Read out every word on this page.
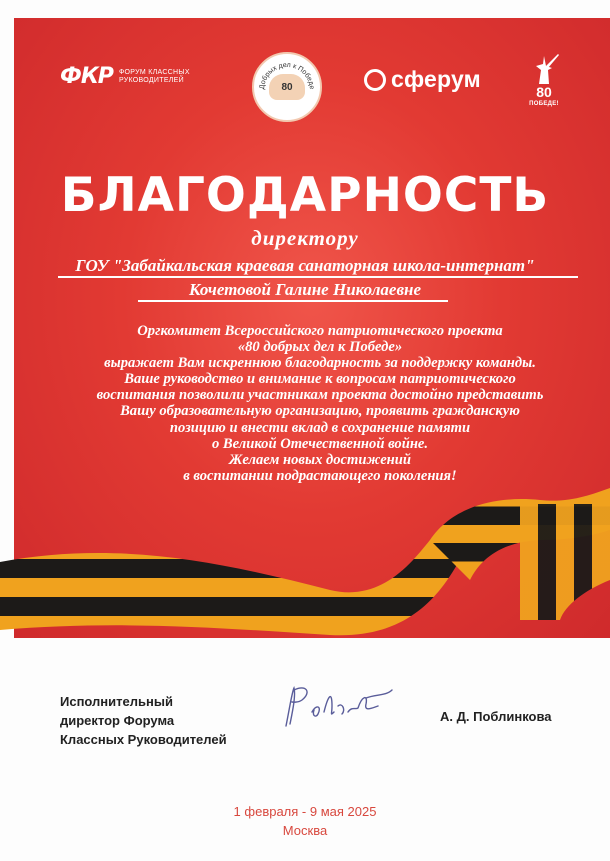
ФКР ФОРУМ КЛАССНЫХ РУКОВОДИТЕЛЕЙ
Добрых дел к Победе
80	сферум	80
ПОБЕДЕ!
БЛАГОДАРНОСТЬ
директору
ГОУ "Забайкальская краевая санаторная школа-интернат"
Кочетовой Галине Николаевне
Оргкомитет Всероссийского патриотического проекта
«80 добрых дел к Победе»
выражает Вам искреннюю благодарность за поддержку команды.
Ваше руководство и внимание к вопросам патриотического
воспитания позволили участникам проекта достойно представить
Вашу образовательную организацию, проявить гражданскую
позицию и внести вклад в сохранение памяти
о Великой Отечественной войне.
Желаем новых достижений
в воспитании подрастающего поколения!
Исполнительный
директор Форума
Классных Руководителей
А. Д. Поблинкова
1 февраля - 9 мая 2025
Москва
